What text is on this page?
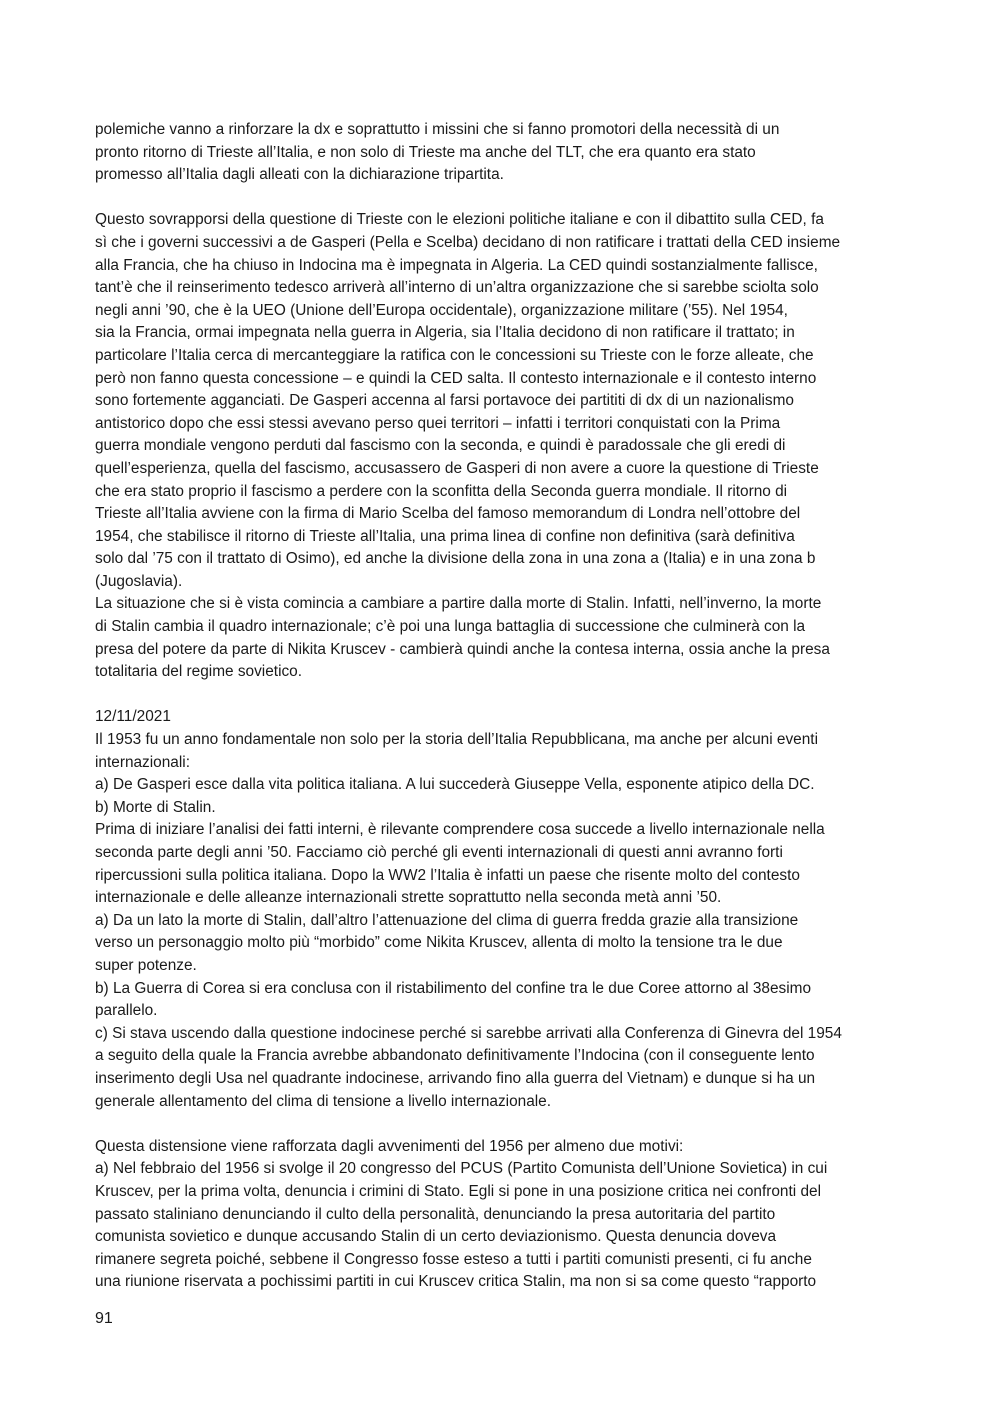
polemiche vanno a rinforzare la dx e soprattutto i missini che si fanno promotori della necessità di un
pronto ritorno di Trieste all’Italia, e non solo di Trieste ma anche del TLT, che era quanto era stato
promesso all’Italia dagli alleati con la dichiarazione tripartita.

Questo sovrapporsi della questione di Trieste con le elezioni politiche italiane e con il dibattito sulla CED, fa
sì che i governi successivi a de Gasperi (Pella e Scelba) decidano di non ratificare i trattati della CED insieme
alla Francia, che ha chiuso in Indocina ma è impegnata in Algeria. La CED quindi sostanzialmente fallisce,
tant’è che il reinserimento tedesco arriverà all’interno di un’altra organizzazione che si sarebbe sciolta solo
negli anni ’90, che è la UEO (Unione dell’Europa occidentale), organizzazione militare (’55). Nel 1954,
sia la Francia, ormai impegnata nella guerra in Algeria, sia l’Italia decidono di non ratificare il trattato; in
particolare l’Italia cerca di mercanteggiare la ratifica con le concessioni su Trieste con le forze alleate, che
però non fanno questa concessione – e quindi la CED salta. Il contesto internazionale e il contesto interno
sono fortemente agganciati. De Gasperi accenna al farsi portavoce dei partititi di dx di un nazionalismo
antistorico dopo che essi stessi avevano perso quei territori – infatti i territori conquistati con la Prima
guerra mondiale vengono perduti dal fascismo con la seconda, e quindi è paradossale che gli eredi di
quell’esperienza, quella del fascismo, accusassero de Gasperi di non avere a cuore la questione di Trieste
che era stato proprio il fascismo a perdere con la sconfitta della Seconda guerra mondiale. Il ritorno di
Trieste all’Italia avviene con la firma di Mario Scelba del famoso memorandum di Londra nell’ottobre del
1954, che stabilisce il ritorno di Trieste all’Italia, una prima linea di confine non definitiva (sarà definitiva
solo dal ’75 con il trattato di Osimo), ed anche la divisione della zona in una zona a (Italia) e in una zona b
(Jugoslavia).
La situazione che si è vista comincia a cambiare a partire dalla morte di Stalin. Infatti, nell’inverno, la morte
di Stalin cambia il quadro internazionale; c’è poi una lunga battaglia di successione che culminerà con la
presa del potere da parte di Nikita Kruscev - cambierà quindi anche la contesa interna, ossia anche la presa
totalitaria del regime sovietico.

12/11/2021
Il 1953 fu un anno fondamentale non solo per la storia dell’Italia Repubblicana, ma anche per alcuni eventi
internazionali:
a) De Gasperi esce dalla vita politica italiana. A lui succederà Giuseppe Vella, esponente atipico della DC.
b) Morte di Stalin.
Prima di iniziare l’analisi dei fatti interni, è rilevante comprendere cosa succede a livello internazionale nella
seconda parte degli anni ’50. Facciamo ciò perché gli eventi internazionali di questi anni avranno forti
ripercussioni sulla politica italiana. Dopo la WW2 l’Italia è infatti un paese che risente molto del contesto
internazionale e delle alleanze internazionali strette soprattutto nella seconda metà anni ’50.
a) Da un lato la morte di Stalin, dall’altro l’attenuazione del clima di guerra fredda grazie alla transizione
verso un personaggio molto più “morbido” come Nikita Kruscev, allenta di molto la tensione tra le due
super potenze.
b) La Guerra di Corea si era conclusa con il ristabilimento del confine tra le due Coree attorno al 38esimo
parallelo.
c) Si stava uscendo dalla questione indocinese perché si sarebbe arrivati alla Conferenza di Ginevra del 1954
a seguito della quale la Francia avrebbe abbandonato definitivamente l’Indocina (con il conseguente lento
inserimento degli Usa nel quadrante indocinese, arrivando fino alla guerra del Vietnam) e dunque si ha un
generale allentamento del clima di tensione a livello internazionale.

Questa distensione viene rafforzata dagli avvenimenti del 1956 per almeno due motivi:
a) Nel febbraio del 1956 si svolge il 20 congresso del PCUS (Partito Comunista dell’Unione Sovietica) in cui
Kruscev, per la prima volta, denuncia i crimini di Stato. Egli si pone in una posizione critica nei confronti del
passato staliniano denunciando il culto della personalità, denunciando la presa autoritaria del partito
comunista sovietico e dunque accusando Stalin di un certo deviazionismo. Questa denuncia doveva
rimanere segreta poiché, sebbene il Congresso fosse esteso a tutti i partiti comunisti presenti, ci fu anche
una riunione riservata a pochissimi partiti in cui Kruscev critica Stalin, ma non si sa come questo “rapporto

91
